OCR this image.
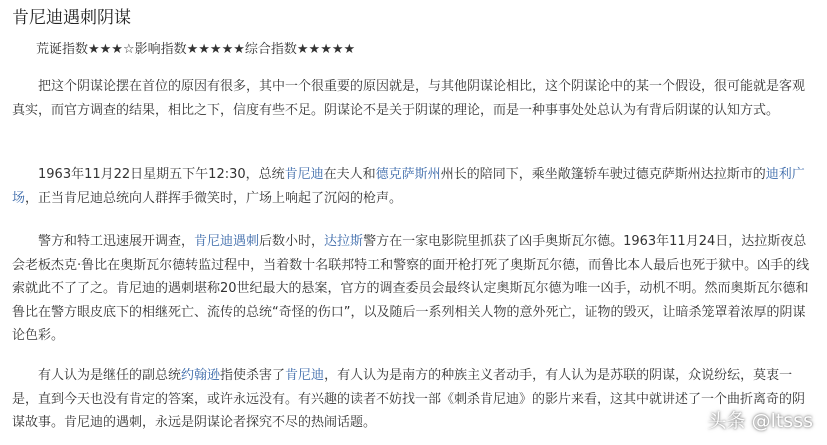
肯尼迪遇刺阴谋
荒诞指数★★★☆影响指数★★★★★综合指数★★★★★

把这个阴谋论摆在首位的原因有很多，其中一个很重要的原因就是，与其他阴谋论相比，这个阴谋论中的某一个假设，很可能就是客观真实，而官方调查的结果，相比之下，信度有些不足。阴谋论不是关于阴谋的理论，而是一种事事处处总认为有背后阴谋的认知方式。

1963年11月22日星期五下午12:30，总统肯尼迪在夫人和德克萨斯州州长的陪同下，乘坐敞篷轿车驶过德克萨斯州达拉斯市的迪利广场，正当肯尼迪总统向人群挥手微笑时，广场上响起了沉闷的枪声。

警方和特工迅速展开调查，肯尼迪遇刺后数小时，达拉斯警方在一家电影院里抓获了凶手奥斯瓦尔德。1963年11月24日，达拉斯夜总会老板杰克·鲁比在奥斯瓦尔德转监过程中，当着数十名联邦特工和警察的面开枪打死了奥斯瓦尔德，而鲁比本人最后也死于狱中。凶手的线索就此不了了之。肯尼迪的遇刺堪称20世纪最大的悬案，官方的调查委员会最终认定奥斯瓦尔德为唯一凶手，动机不明。然而奥斯瓦尔德和鲁比在警方眼皮底下的相继死亡、流传的总统“奇怪的伤口”，以及随后一系列相关人物的意外死亡，证物的毁灭，让暗杀笼罩着浓厚的阴谋论色彩。

有人认为是继任的副总统约翰逊指使杀害了肯尼迪，有人认为是南方的种族主义者动手，有人认为是苏联的阴谋，众说纷纭，莫衷一是，直到今天也没有肯定的答案，或许永远没有。有兴趣的读者不妨找一部《刺杀肯尼迪》的影片来看，这其中就讲述了一个曲折离奇的阴谋故事。肯尼迪的遇刺，永远是阴谋论者探究不尽的热闹话题。	头条 @ltsss
